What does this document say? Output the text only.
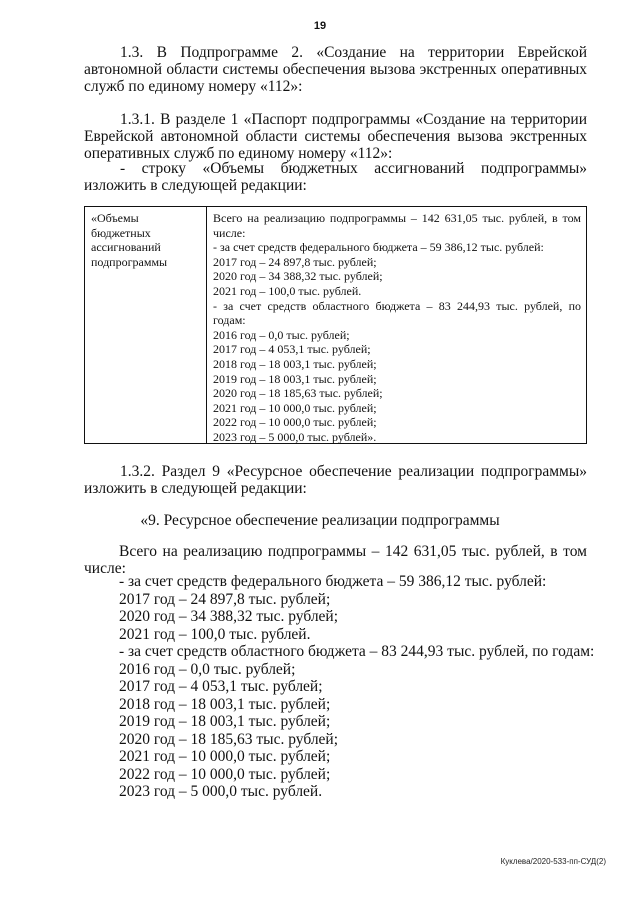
19
1.3. В Подпрограмме 2. «Создание на территории Еврейской автономной области системы обеспечения вызова экстренных оперативных служб по единому номеру «112»:
1.3.1. В разделе 1 «Паспорт подпрограммы «Создание на территории Еврейской автономной области системы обеспечения вызова экстренных оперативных служб по единому номеру «112»:
- строку «Объемы бюджетных ассигнований подпрограммы» изложить в следующей редакции:
«Объемы
бюджетных
ассигнований
подпрограммы
Всего на реализацию подпрограммы – 142 631,05 тыс. рублей, в том
числе:
- за счет средств федерального бюджета – 59 386,12 тыс. рублей:
2017 год – 24 897,8 тыс. рублей;
2020 год – 34 388,32 тыс. рублей;
2021 год – 100,0 тыс. рублей.
- за счет средств областного бюджета – 83 244,93 тыс. рублей, по
годам:
2016 год – 0,0 тыс. рублей;
2017 год – 4 053,1 тыс. рублей;
2018 год – 18 003,1 тыс. рублей;
2019 год – 18 003,1 тыс. рублей;
2020 год – 18 185,63 тыс. рублей;
2021 год – 10 000,0 тыс. рублей;
2022 год – 10 000,0 тыс. рублей;
2023 год – 5 000,0 тыс. рублей».
1.3.2. Раздел 9 «Ресурсное обеспечение реализации подпрограммы» изложить в следующей редакции:
«9. Ресурсное обеспечение реализации подпрограммы
Всего на реализацию подпрограммы – 142 631,05 тыс. рублей, в том числе:
- за счет средств федерального бюджета – 59 386,12 тыс. рублей:
2017 год – 24 897,8 тыс. рублей;
2020 год – 34 388,32 тыс. рублей;
2021 год – 100,0 тыс. рублей.
- за счет средств областного бюджета – 83 244,93 тыс. рублей, по годам:
2016 год – 0,0 тыс. рублей;
2017 год – 4 053,1 тыс. рублей;
2018 год – 18 003,1 тыс. рублей;
2019 год – 18 003,1 тыс. рублей;
2020 год – 18 185,63 тыс. рублей;
2021 год – 10 000,0 тыс. рублей;
2022 год – 10 000,0 тыс. рублей;
2023 год – 5 000,0 тыс. рублей.
Куклева/2020-533-пп-СУД(2)
